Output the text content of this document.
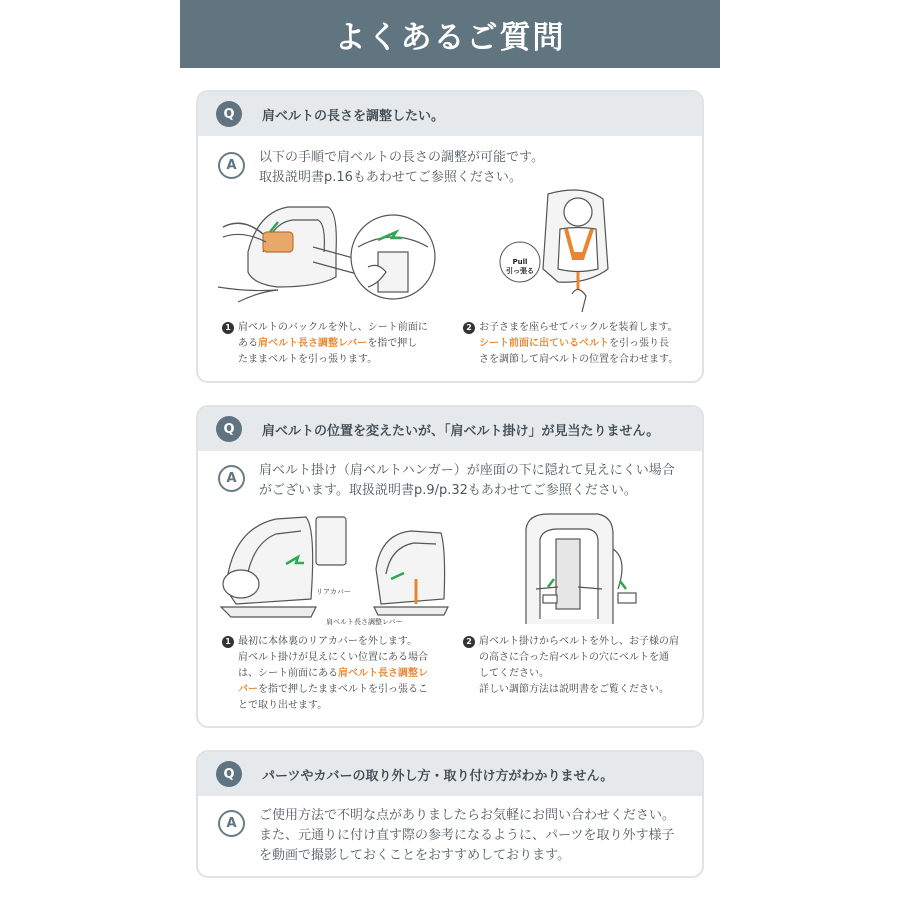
よくあるご質問
Q	肩ベルトの長さを調整したい。
A
以下の手順で肩ベルトの長さの調整が可能です。
取扱説明書p.16もあわせてご参照ください。
Pull
引っ張る
1 肩ベルトのバックルを外し、シート前面に
ある肩ベルト長さ調整レバーを指で押し
たままベルトを引っ張ります。
2 お子さまを座らせてバックルを装着します。
シート前面に出ているベルトを引っ張り長
さを調節して肩ベルトの位置を合わせます。
Q	肩ベルトの位置を変えたいが、「肩ベルト掛け」が見当たりません。
A
肩ベルト掛け（肩ベルトハンガー）が座面の下に隠れて見えにくい場合
がございます。取扱説明書p.9/p.32もあわせてご参照ください。
リアカバー
肩ベルト長さ調整レバー
1 最初に本体裏のリアカバーを外します。
肩ベルト掛けが見えにくい位置にある場合
は、シート前面にある肩ベルト長さ調整レ
バーを指で押したままベルトを引っ張るこ
とで取り出せます。
2 肩ベルト掛けからベルトを外し、お子様の肩
の高さに合った肩ベルトの穴にベルトを通
してください。
詳しい調節方法は説明書をご覧ください。
Q	パーツやカバーの取り外し方・取り付け方がわかりません。
A
ご使用方法で不明な点がありましたらお気軽にお問い合わせください。
また、元通りに付け直す際の参考になるように、パーツを取り外す様子
を動画で撮影しておくことをおすすめしております。
